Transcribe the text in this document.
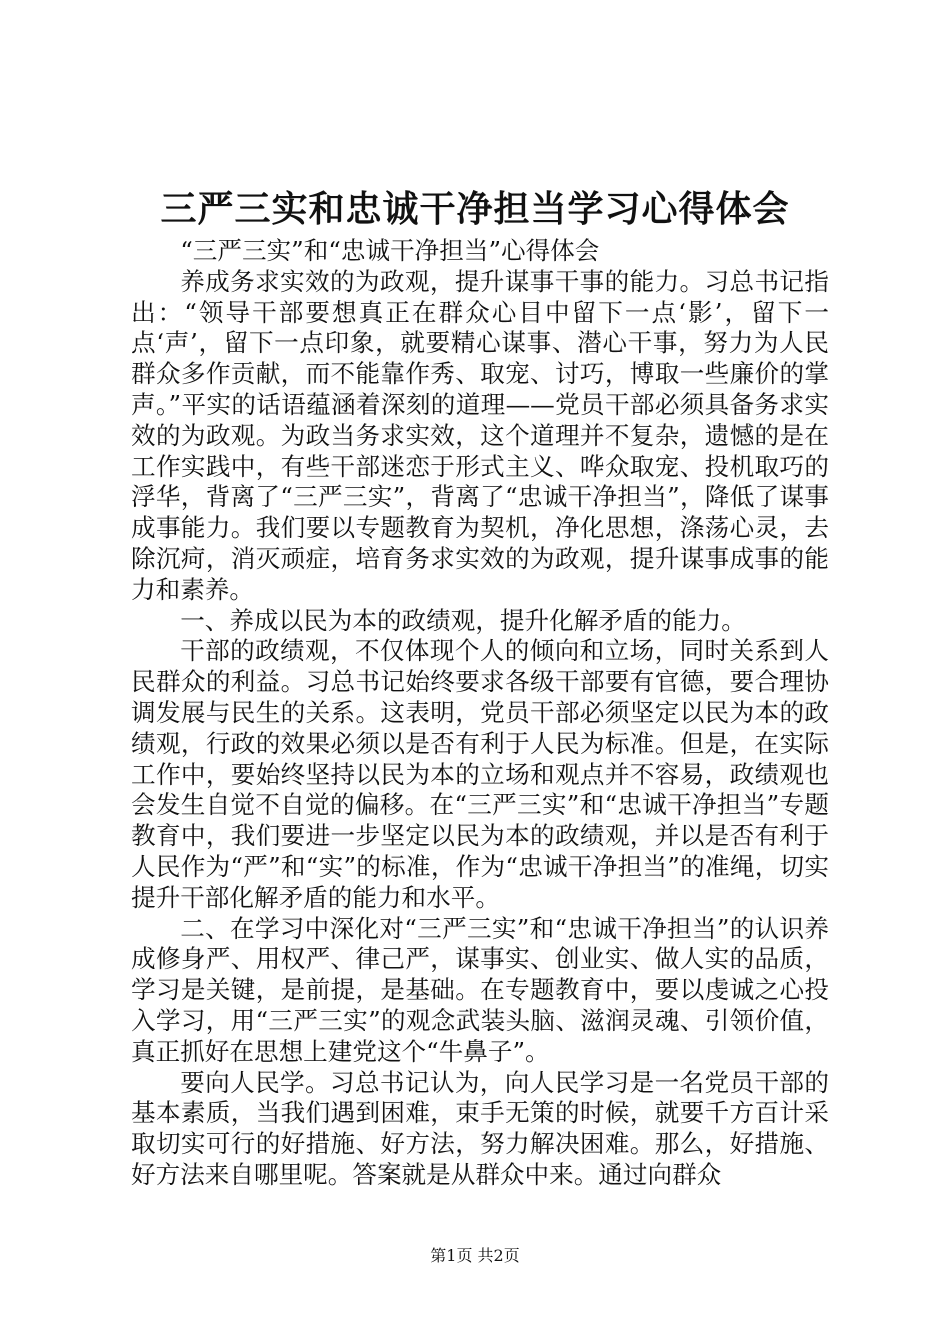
三严三实和忠诚干净担当学习心得体会

“三严三实”和“忠诚干净担当”心得体会

养成务求实效的为政观，提升谋事干事的能力。习总书记指出：“领导干部要想真正在群众心目中留下一点‘影’，留下一点‘声’，留下一点印象，就要精心谋事、潜心干事，努力为人民群众多作贡献，而不能靠作秀、取宠、讨巧，博取一些廉价的掌声。”平实的话语蕴涵着深刻的道理——党员干部必须具备务求实效的为政观。为政当务求实效，这个道理并不复杂，遗憾的是在工作实践中，有些干部迷恋于形式主义、哗众取宠、投机取巧的浮华，背离了“三严三实”，背离了“忠诚干净担当”，降低了谋事成事能力。我们要以专题教育为契机，净化思想，涤荡心灵，去除沉疴，消灭顽症，培育务求实效的为政观，提升谋事成事的能力和素养。

一、养成以民为本的政绩观，提升化解矛盾的能力。

干部的政绩观，不仅体现个人的倾向和立场，同时关系到人民群众的利益。习总书记始终要求各级干部要有官德，要合理协调发展与民生的关系。这表明，党员干部必须坚定以民为本的政绩观，行政的效果必须以是否有利于人民为标准。但是，在实际工作中，要始终坚持以民为本的立场和观点并不容易，政绩观也会发生自觉不自觉的偏移。在“三严三实”和“忠诚干净担当”专题教育中，我们要进一步坚定以民为本的政绩观，并以是否有利于人民作为“严”和“实”的标准，作为“忠诚干净担当”的准绳，切实提升干部化解矛盾的能力和水平。

二、在学习中深化对“三严三实”和“忠诚干净担当”的认识养成修身严、用权严、律己严，谋事实、创业实、做人实的品质，学习是关键，是前提，是基础。在专题教育中，要以虔诚之心投入学习，用“三严三实”的观念武装头脑、滋润灵魂、引领价值，真正抓好在思想上建党这个“牛鼻子”。

要向人民学。习总书记认为，向人民学习是一名党员干部的基本素质，当我们遇到困难，束手无策的时候，就要千方百计采取切实可行的好措施、好方法，努力解决困难。那么，好措施、好方法来自哪里呢。答案就是从群众中来。通过向群众

第1页 共2页
